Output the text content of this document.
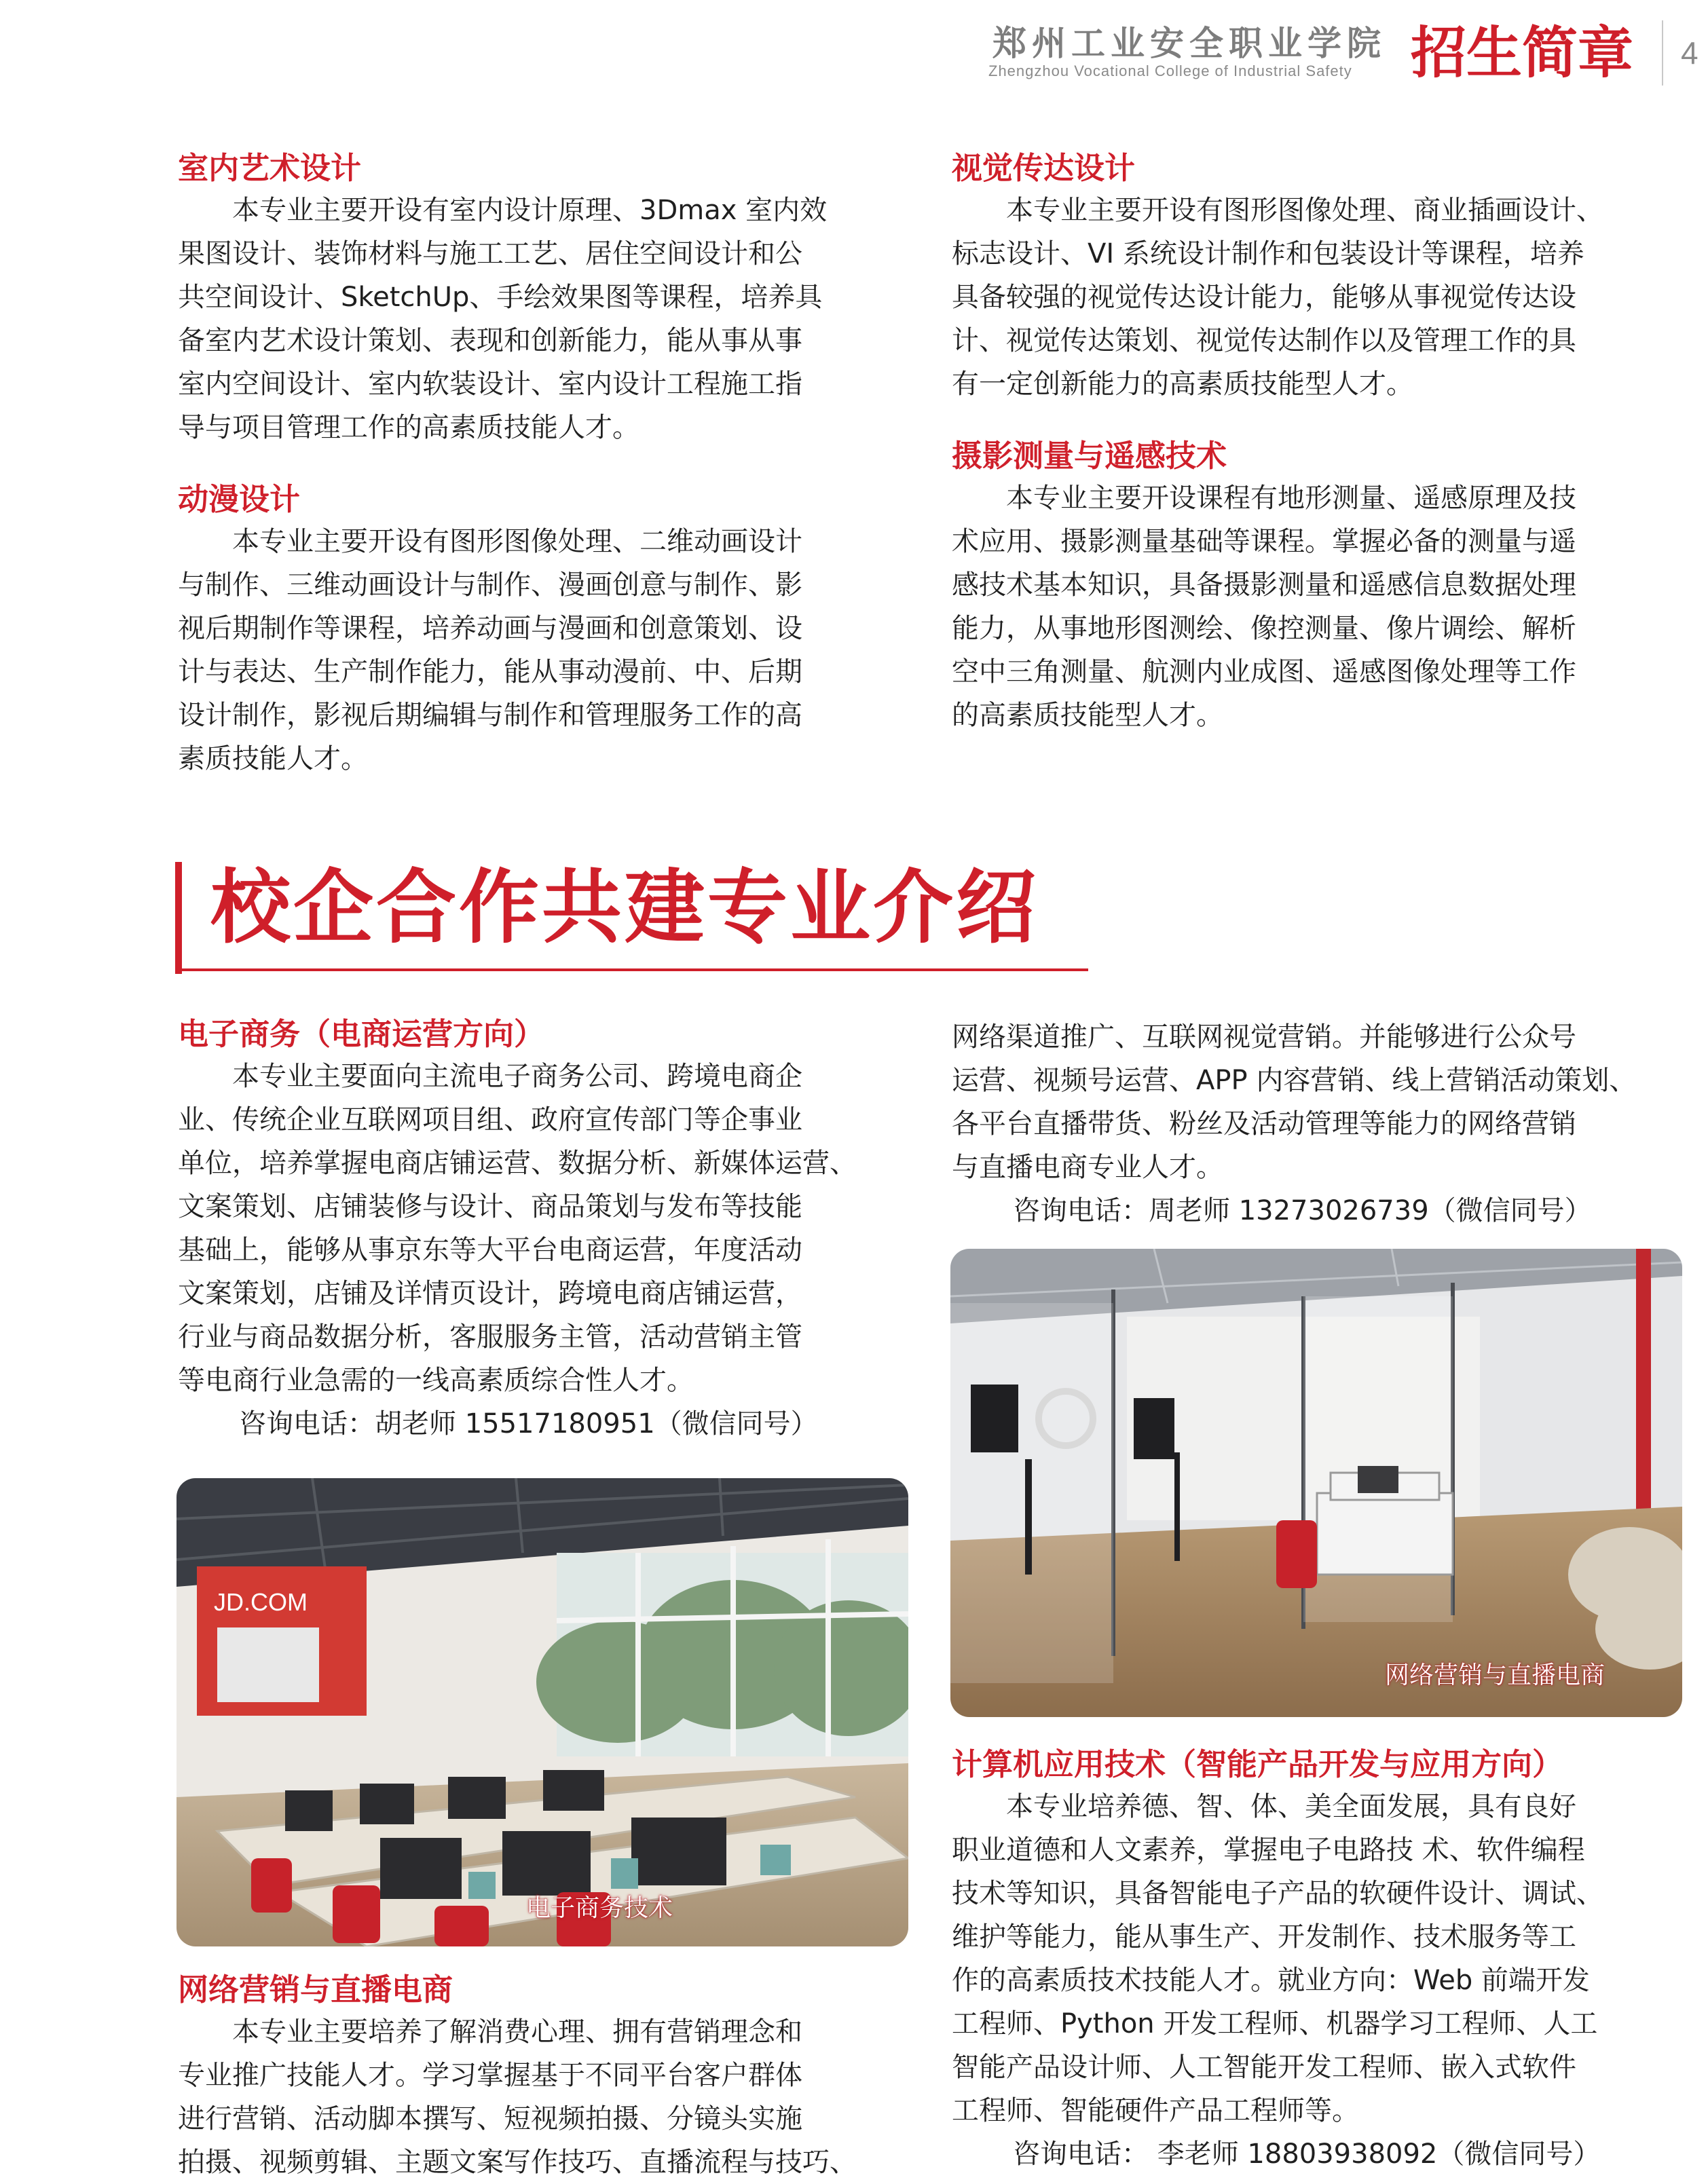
郑州工业安全职业学院
Zhengzhou Vocational College of Industrial Safety	招生简章	4
室内艺术设计
本专业主要开设有室内设计原理、3Dmax 室内效
果图设计、装饰材料与施工工艺、居住空间设计和公
共空间设计、SketchUp、手绘效果图等课程，培养具
备室内艺术设计策划、表现和创新能力，能从事从事
室内空间设计、室内软装设计、室内设计工程施工指
导与项目管理工作的高素质技能人才。
动漫设计
本专业主要开设有图形图像处理、二维动画设计
与制作、三维动画设计与制作、漫画创意与制作、影
视后期制作等课程，培养动画与漫画和创意策划、设
计与表达、生产制作能力，能从事动漫前、中、后期
设计制作，影视后期编辑与制作和管理服务工作的高
素质技能人才。
视觉传达设计
本专业主要开设有图形图像处理、商业插画设计、
标志设计、VI 系统设计制作和包装设计等课程，培养
具备较强的视觉传达设计能力，能够从事视觉传达设
计、视觉传达策划、视觉传达制作以及管理工作的具
有一定创新能力的高素质技能型人才。
摄影测量与遥感技术
本专业主要开设课程有地形测量、遥感原理及技
术应用、摄影测量基础等课程。掌握必备的测量与遥
感技术基本知识，具备摄影测量和遥感信息数据处理
能力，从事地形图测绘、像控测量、像片调绘、解析
空中三角测量、航测内业成图、遥感图像处理等工作
的高素质技能型人才。
校企合作共建专业介绍
电子商务（电商运营方向）
本专业主要面向主流电子商务公司、跨境电商企
业、传统企业互联网项目组、政府宣传部门等企事业
单位，培养掌握电商店铺运营、数据分析、新媒体运营、
文案策划、店铺装修与设计、商品策划与发布等技能
基础上，能够从事京东等大平台电商运营，年度活动
文案策划，店铺及详情页设计，跨境电商店铺运营，
行业与商品数据分析，客服服务主管，活动营销主管
等电商行业急需的一线高素质综合性人才。
咨询电话：胡老师 15517180951（微信同号）
JD.COM
电子商务技术
网络营销与直播电商
本专业主要培养了解消费心理、拥有营销理念和
专业推广技能人才。学习掌握基于不同平台客户群体
进行营销、活动脚本撰写、短视频拍摄、分镜头实施
拍摄、视频剪辑、主题文案写作技巧、直播流程与技巧、
网络渠道推广、互联网视觉营销。并能够进行公众号
运营、视频号运营、APP 内容营销、线上营销活动策划、
各平台直播带货、粉丝及活动管理等能力的网络营销
与直播电商专业人才。
咨询电话：周老师 13273026739（微信同号）
网络营销与直播电商
计算机应用技术（智能产品开发与应用方向）
本专业培养德、智、体、美全面发展，具有良好
职业道德和人文素养，掌握电子电路技 术、软件编程
技术等知识，具备智能电子产品的软硬件设计、调试、
维护等能力，能从事生产、开发制作、技术服务等工
作的高素质技术技能人才。就业方向：Web 前端开发
工程师、Python 开发工程师、机器学习工程师、人工
智能产品设计师、人工智能开发工程师、嵌入式软件
工程师、智能硬件产品工程师等。
咨询电话： 李老师 18803938092（微信同号）
